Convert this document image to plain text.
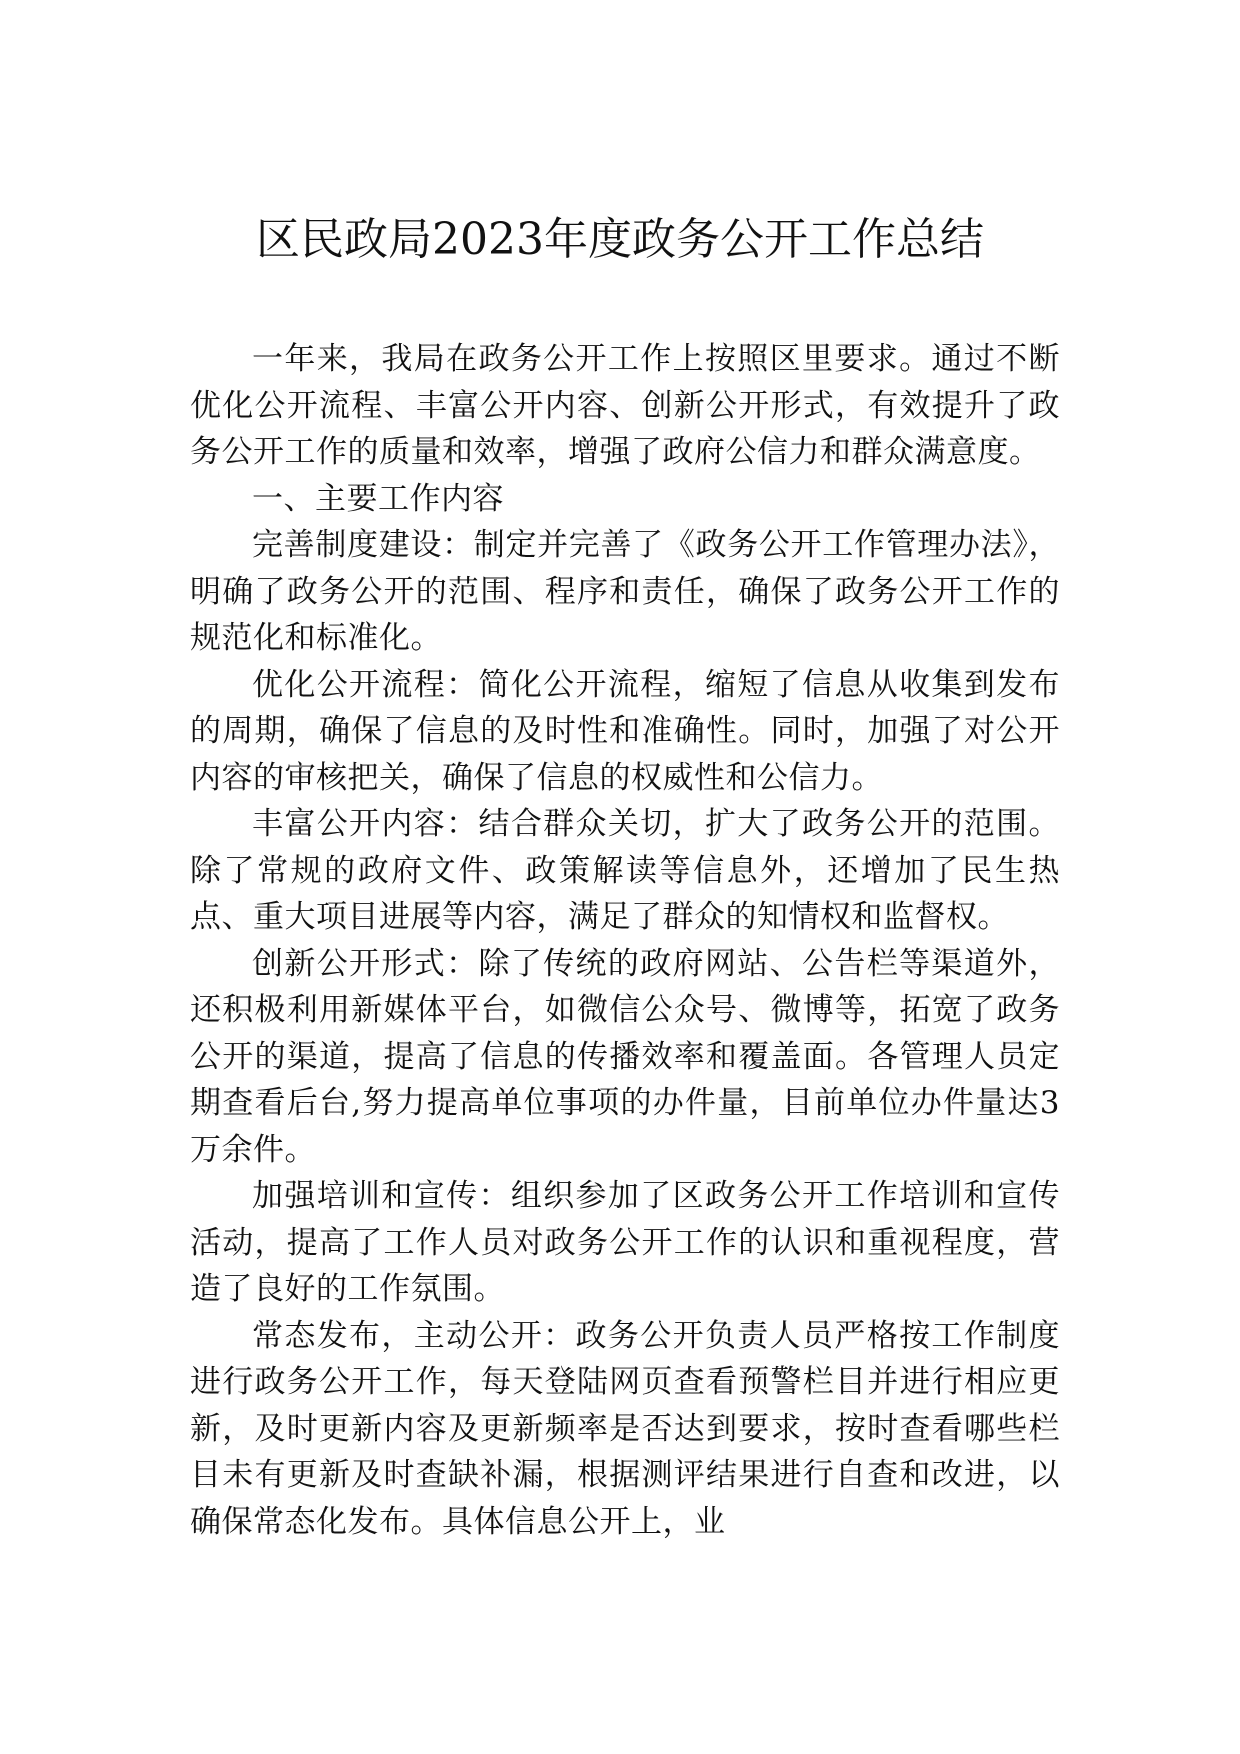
区民政局2023年度政务公开工作总结

一年来，我局在政务公开工作上按照区里要求。通过不断优化公开流程、丰富公开内容、创新公开形式，有效提升了政务公开工作的质量和效率，增强了政府公信力和群众满意度。

一、主要工作内容

完善制度建设：制定并完善了《政务公开工作管理办法》，明确了政务公开的范围、程序和责任，确保了政务公开工作的规范化和标准化。

优化公开流程：简化公开流程，缩短了信息从收集到发布的周期，确保了信息的及时性和准确性。同时，加强了对公开内容的审核把关，确保了信息的权威性和公信力。

丰富公开内容：结合群众关切，扩大了政务公开的范围。除了常规的政府文件、政策解读等信息外，还增加了民生热点、重大项目进展等内容，满足了群众的知情权和监督权。

创新公开形式：除了传统的政府网站、公告栏等渠道外，还积极利用新媒体平台，如微信公众号、微博等，拓宽了政务公开的渠道，提高了信息的传播效率和覆盖面。各管理人员定期查看后台,努力提高单位事项的办件量，目前单位办件量达3万余件。

加强培训和宣传：组织参加了区政务公开工作培训和宣传活动，提高了工作人员对政务公开工作的认识和重视程度，营造了良好的工作氛围。

常态发布，主动公开：政务公开负责人员严格按工作制度进行政务公开工作，每天登陆网页查看预警栏目并进行相应更新，及时更新内容及更新频率是否达到要求，按时查看哪些栏目未有更新及时查缺补漏，根据测评结果进行自查和改进，以确保常态化发布。具体信息公开上，业
